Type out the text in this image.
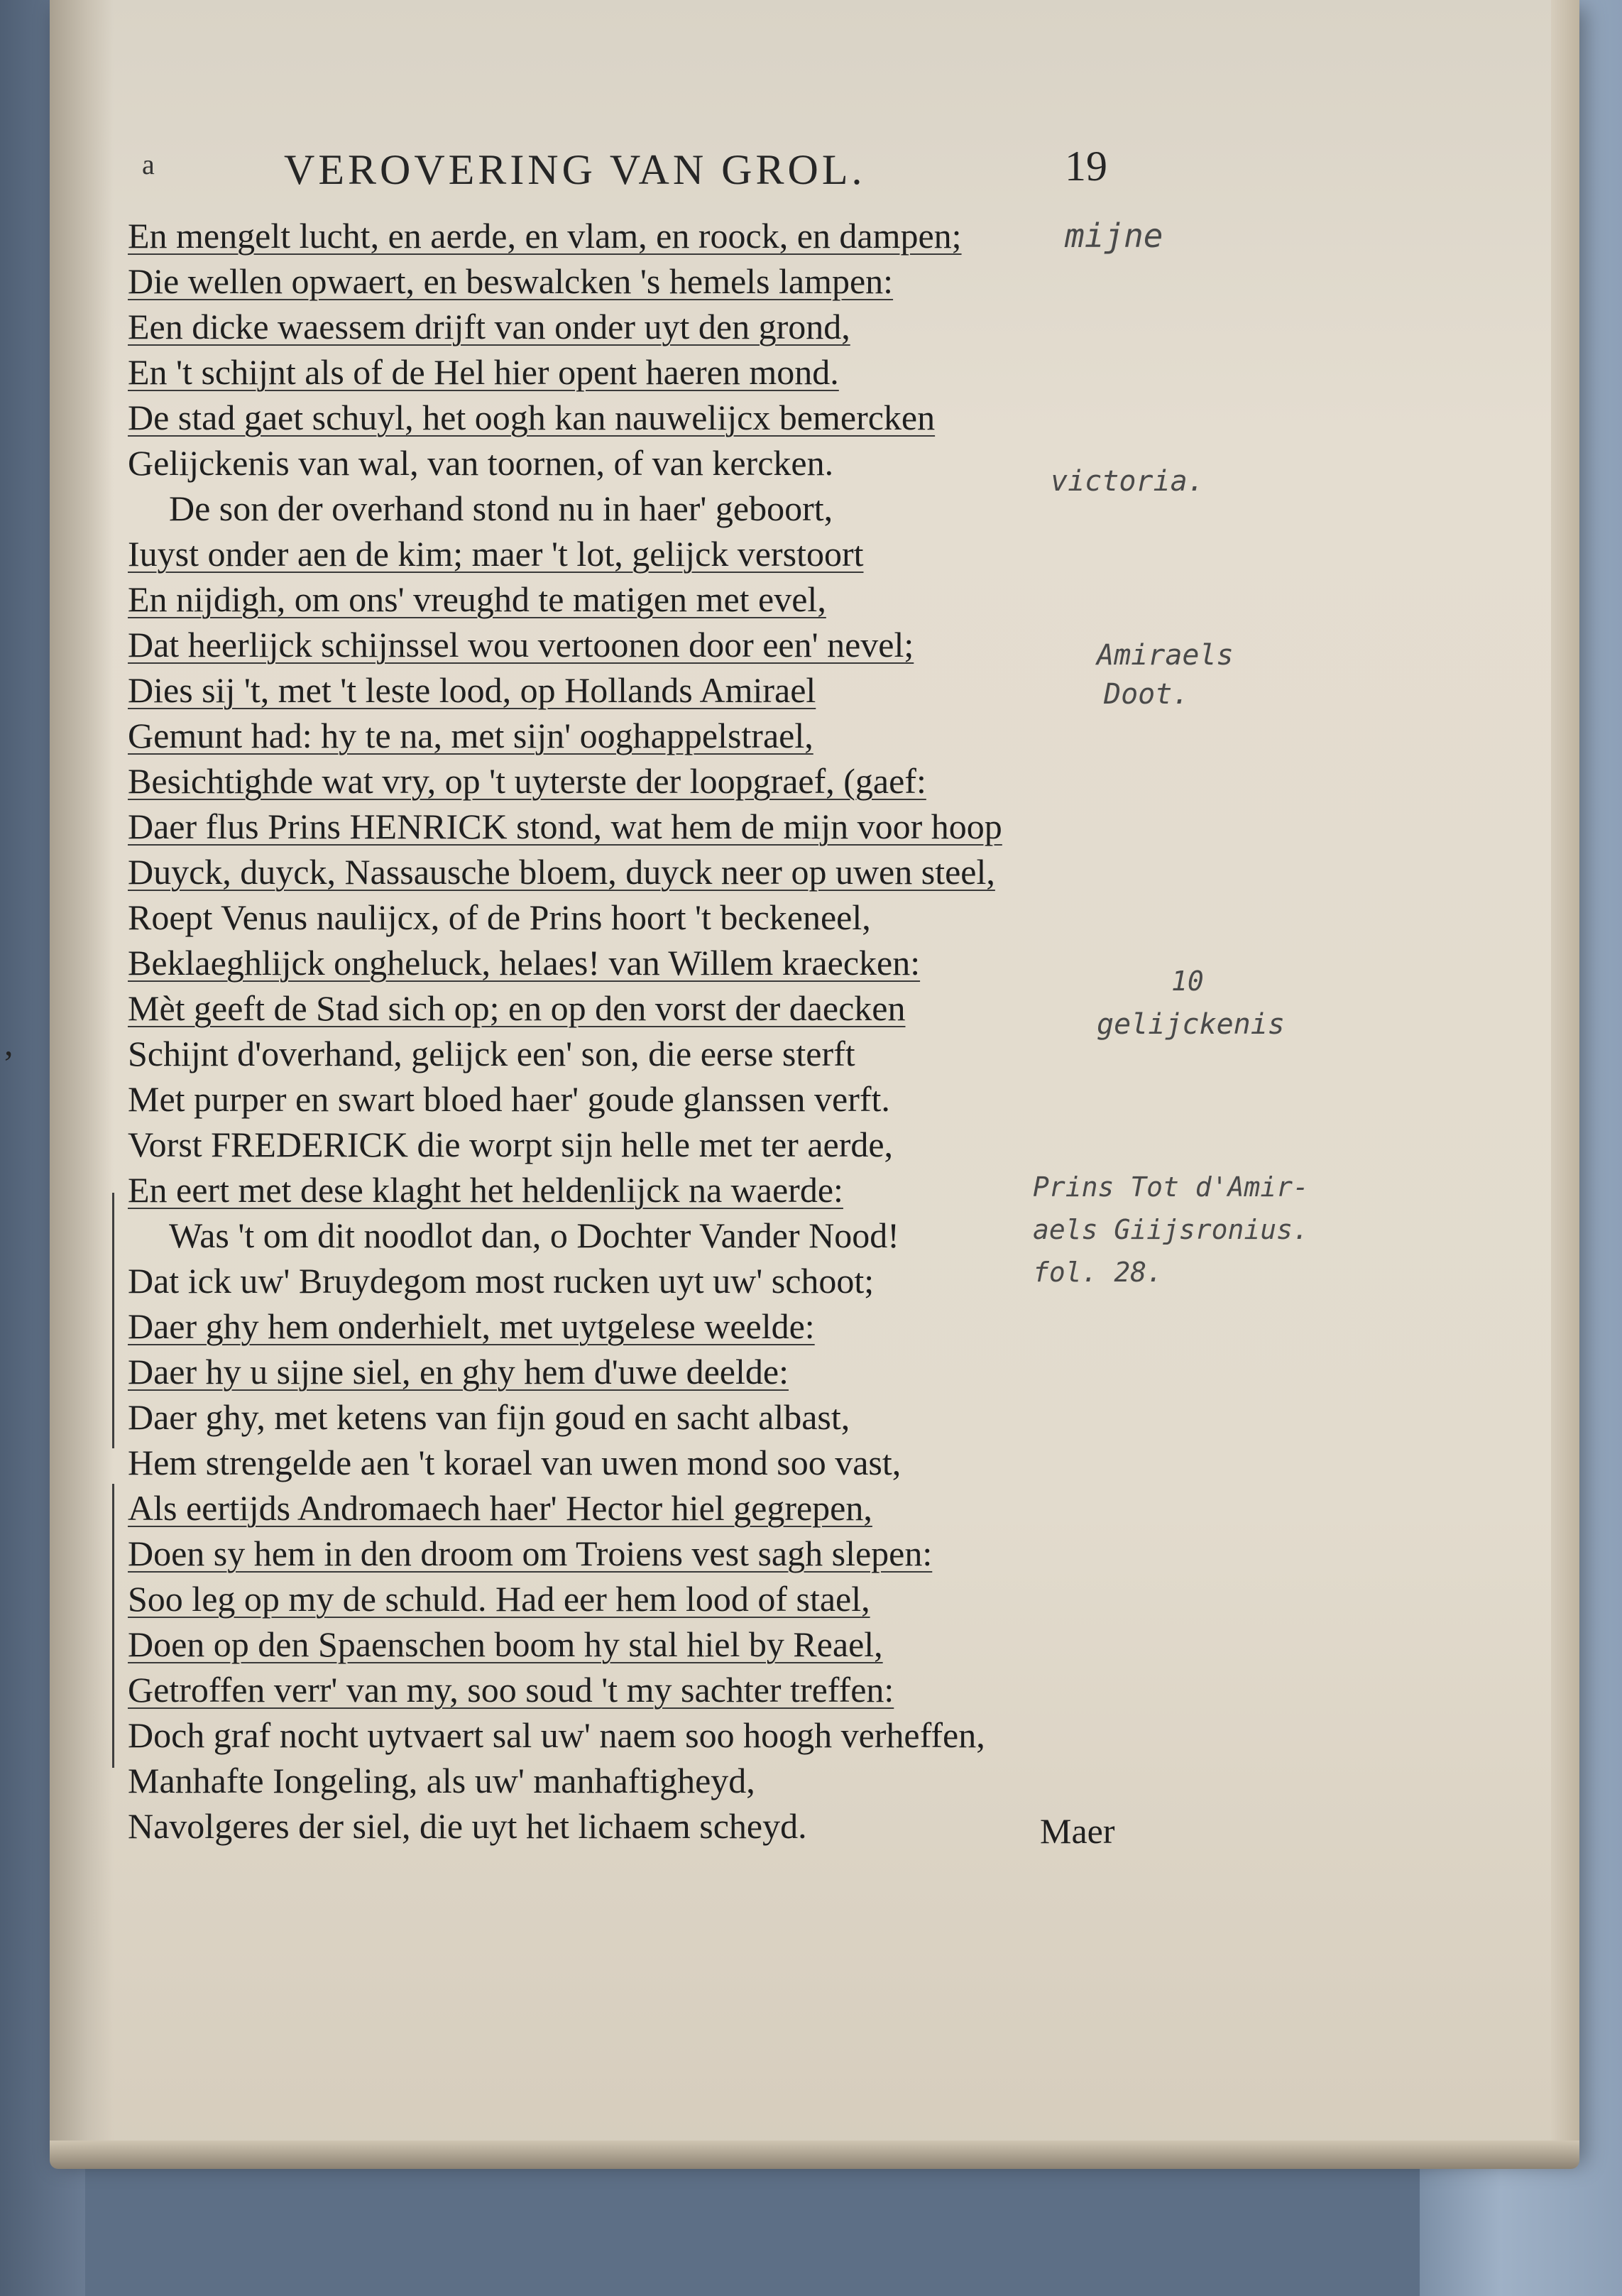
a	VEROVERING VAN GROL.	19
,
En mengelt lucht, en aerde, en vlam, en roock, en dampen;
Die wellen opwaert, en beswalcken 's hemels lampen:
Een dicke waessem drijft van onder uyt den grond,
En 't schijnt als of de Hel hier opent haeren mond.
De stad gaet schuyl, het oogh kan nauwelijcx bemercken
Gelijckenis van wal, van toornen, of van kercken.
De son der overhand stond nu in haer' geboort,
Iuyst onder aen de kim; maer 't lot, gelijck verstoort
En nijdigh, om ons' vreughd te matigen met evel,
Dat heerlijck schijnssel wou vertoonen door een' nevel;
Dies sij 't, met 't leste lood, op Hollands Amirael
Gemunt had: hy te na, met sijn' ooghappelstrael,
Besichtighde wat vry, op 't uyterste der loopgraef, (gaef:
Daer flus Prins HENRICK stond, wat hem de mijn voor hoop
Duyck, duyck, Nassausche bloem, duyck neer op uwen steel,
Roept Venus naulijcx, of de Prins hoort 't beckeneel,
Beklaeghlijck ongheluck, helaes! van Willem kraecken:
Mèt geeft de Stad sich op; en op den vorst der daecken
Schijnt d'overhand, gelijck een' son, die eerse sterft
Met purper en swart bloed haer' goude glanssen verft.
Vorst FREDERICK die worpt sijn helle met ter aerde,
En eert met dese klaght het heldenlijck na waerde:
Was 't om dit noodlot dan, o Dochter Vander Nood!
Dat ick uw' Bruydegom most rucken uyt uw' schoot;
Daer ghy hem onderhielt, met uytgelese weelde:
Daer hy u sijne siel, en ghy hem d'uwe deelde:
Daer ghy, met ketens van fijn goud en sacht albast,
Hem strengelde aen 't korael van uwen mond soo vast,
Als eertijds Andromaech haer' Hector hiel gegrepen,
Doen sy hem in den droom om Troiens vest sagh slepen:
Soo leg op my de schuld. Had eer hem lood of stael,
Doen op den Spaenschen boom hy stal hiel by Reael,
Getroffen verr' van my, soo soud 't my sachter treffen:
Doch graf nocht uytvaert sal uw' naem soo hoogh verheffen,
Manhafte Iongeling, als uw' manhaftigheyd,
Navolgeres der siel, die uyt het lichaem scheyd.	Maer
mijne
victoria.
Amiraels
Doot.
10
gelijckenis
Prins Tot d'Amir-
aels Giijsronius.
fol. 28.
